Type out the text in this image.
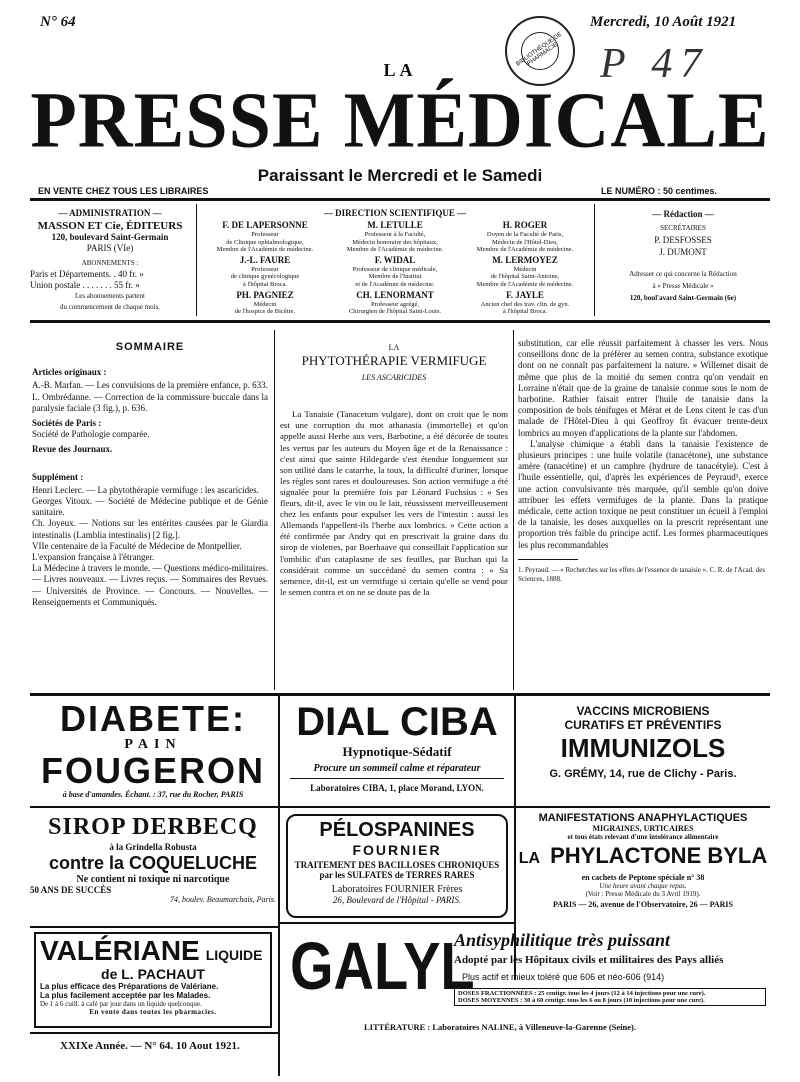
N° 64	Mercredi, 10 Août 1921
BIBLIOTHÈQUE DE PHARMACIE P 47
LA
PRESSE MÉDICALE
Paraissant le Mercredi et le Samedi
EN VENTE CHEZ TOUS LES LIBRAIRES	LE NUMÉRO : 50 centimes.
— ADMINISTRATION —
MASSON ET Cie, ÉDITEURS
120, boulevard Saint-Germain
PARIS (VIe)
ABONNEMENTS :
Paris et Départements. . 40 fr. »
Union postale . . . . . . . 55 fr. »
Les abonnements partent
du commencement de chaque mois.
— DIRECTION SCIENTIFIQUE —
F. DE LAPERSONNE
Professeur
de Clinique ophtalmologique,
Membre de l'Académie de médecine.
M. LETULLE
Professeur à la Faculté,
Médecin honoraire des hôpitaux,
Membre de l'Académie de médecine.
H. ROGER
Doyen de la Faculté de Paris,
Médecin de l'Hôtel-Dieu,
Membre de l'Académie de médecine.
J.-L. FAURE
Professeur
de clinique gynécologique
à l'hôpital Broca.
F. WIDAL
Professeur de clinique médicale,
Membre de l'Institut
et de l'Académie de médecine.
M. LERMOYEZ
Médecin
de l'hôpital Saint-Antoine,
Membre de l'Académie de médecine.
PH. PAGNIEZ
Médecin
de l'hospice de Bicêtre.
CH. LENORMANT
Professeur agrégé,
Chirurgien de l'hôpital Saint-Louis.
F. JAYLE
Ancien chef des trav. clin. de gyn.
à l'hôpital Broca.
— Rédaction —
SECRÉTAIRES
P. DESFOSSES
J. DUMONT
Adresser ce qui concerne la Rédaction
à « Presse Médicale »
120, boul'avard Saint-Germain (6e)
SOMMAIRE
Articles originaux :
A.-B. Marfan. — Les convulsions de la première enfance, p. 633.
L. Ombrédanne. — Correction de la commissure buccale dans la paralysie faciale (3 fig.), p. 636.
Sociétés de Paris :
Société de Pathologie comparée.
Revue des Journaux.
Supplément :
Henri Leclerc. — La phytothérapie vermifuge : les ascaricides.
Georges Vitoux. — Société de Médecine publique et de Génie sanitaire.
Ch. Joyeux. — Notions sur les entérites causées par le Giardia intestinalis (Lamblia intestinalis) [2 fig.].
VIIe centenaire de la Faculté de Médecine de Montpellier.
L'expansion française à l'étranger.
La Médecine à travers le monde. — Questions médico-militaires. — Livres nouveaux. — Livres reçus. — Sommaires des Revues. — Universités de Province. — Concours. — Nouvelles. — Renseignements et Communiqués.
LA
PHYTOTHÉRAPIE VERMIFUGE
LES ASCARICIDES

La Tanaisie (Tanacetum vulgare), dont on croit que le nom est une corruption du mot athanasia (immortelle) et qu'on appelle aussi Herbe aux vers, Barbotine, a été décorée de toutes les vertus par les auteurs du Moyen âge et de la Renaissance : c'est ainsi que sainte Hildegarde s'est étendue longuement sur son utilité dans le catarrhe, la toux, la difficulté d'uriner, lorsque les règles sont rares et douloureuses. Son action vermifuge a été signalée pour la première fois par Léonard Fuchsius : « Ses fleurs, dit-il, avec le vin ou le lait, réussissent merveilleusement chez les enfants pour expulser les vers de l'intestin : aussi les Allemands l'appellent-ils l'herbe aux lombrics. » Cette action a été confirmée par Andry qui en prescrivait la graine dans du sirop de violettes, par Boerhaave qui conseillait l'application sur l'ombilic d'un cataplasme de ses feuilles, par Buchan qui la considérait comme un succédané du semen contra : « Sa semence, dit-il, est un vermifuge si certain qu'elle se vend pour le semen contra et on ne se doute pas de la

substitution, car elle réussit parfaitement à chasser les vers. Nous conseillons donc de la préférer au semen contra, substance exotique dont on ne connaît pas parfaitement la nature. » Willemet disait de même que plus de la moitié du semen contra qu'on vendait en Lorraine n'était que de la graine de tanaisie connue sous le nom de barbotine. Rathier faisait entrer l'huile de tanaisie dans la composition de bols ténifuges et Mérat et de Lens citent le cas d'un malade de l'Hôtel-Dieu à qui Geoffroy fit évacuer trente-deux lombrics au moyen d'applications de la plante sur l'abdomen.

L'analyse chimique a établi dans la tanaisie l'existence de plusieurs principes : une huile volatile (tanacétone), une substance amère (tanacétine) et un camphre (hydrure de tanacétyle). C'est à l'huile essentielle, qui, d'après les expériences de Peyraud¹, exerce une action convulsivante très marquée, qu'il semble qu'on doive attribuer les effets vermifuges de la plante. Dans la pratique médicale, cette action toxique ne peut constituer un écueil à l'emploi de la tanaisie, les doses auxquelles on la prescrit représentant une proportion très faible du principe actif. Les formes pharmaceutiques les plus recommandables

1. Peyraud. — « Recherches sur les effets de l'essence de tanaisie ». C. R. de l'Acad. des Sciences, 1888.
DIABETE:
PAIN
FOUGERON
à base d'amandes. Échant. : 37, rue du Rocher, PARIS
DIAL CIBA
Hypnotique-Sédatif
Procure un sommeil calme et réparateur
Laboratoires CIBA, 1, place Morand, LYON.
VACCINS MICROBIENS
CURATIFS ET PRÉVENTIFS
IMMUNIZOLS
G. GRÉMY, 14, rue de Clichy - Paris.
SIROP DERBECQ
à la Grindella Robusta
contre la COQUELUCHE
Ne contient ni toxique ni narcotique
50 ANS DE SUCCÈS
74, boulev. Beaumarchais, Paris.
PÉLOSPANINES
FOURNIER
TRAITEMENT DES BACILLOSES CHRONIQUES
par les SULFATES de TERRES RARES
Laboratoires FOURNIER Frères
26, Boulevard de l'Hôpital - PARIS.
MANIFESTATIONS ANAPHYLACTIQUES
MIGRAINES, URTICAIRES
et tous états relevant d'une intolérance alimentaire
LA PHYLACTONE BYLA
en cachets de Peptone spéciale n° 38
Une heure avant chaque repas.
(Voir : Presse Médicale du 3 Avril 1919).
PARIS — 26, avenue de l'Observatoire, 26 — PARIS
VALÉRIANE LIQUIDE
de L. PACHAUT
La plus efficace des Préparations de Valériane.
La plus facilement acceptée par les Malades.
De 1 à 6 cuill. à café par jour dans un liquide quelconque.
En vente dans toutes les pharmacies.
GALYL
Antisyphilitique très puissant
Adopté par les Hôpitaux civils et militaires des Pays alliés
Plus actif et mieux toléré que 606 et néo-606 (914)
DOSES FRACTIONNÉES : 25 centigr. tous les 4 jours (12 à 14 injections pour une cure).
DOSES MOYENNES : 30 à 60 centigr. tous les 6 ou 8 jours (10 injections pour une cure).
LITTÉRATURE : Laboratoires NALINE, à Villeneuve-la-Garenne (Seine).
XXIXe Année. — N° 64. 10 Aout 1921.
